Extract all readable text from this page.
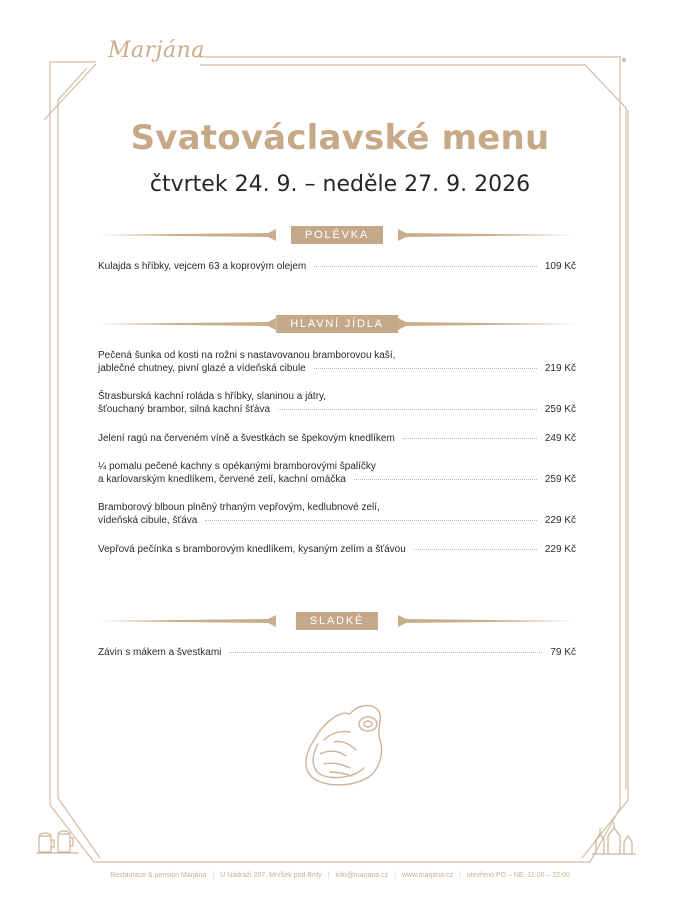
Marjána
Svatováclavské menu
čtvrtek 24. 9. – neděle 27. 9. 2026
POLÉVKA
Kulajda s hříbky, vejcem 63 a koprovým olejem	109 Kč
HLAVNÍ JÍDLA
Pečená šunka od kosti na rožni s nastavovanou bramborovou kaší,
jablečné chutney, pivní glazé a vídeňská cibule	219 Kč
Štrasburská kachní roláda s hříbky, slaninou a játry,
šťouchaný brambor, silná kachní šťáva	259 Kč
Jelení ragú na červeném víně a švestkách se špekovým knedlíkem	249 Kč
¼ pomalu pečené kachny s opékanými bramborovými špalíčky
a karlovarským knedlíkem, červené zelí, kachní omáčka	259 Kč
Bramborový blboun plněný trhaným vepřovým, kedlubnové zelí,
vídeňská cibule, šťáva	229 Kč
Vepřová pečínka s bramborovým knedlíkem, kysaným zelím a šťávou	229 Kč
SLADKÉ
Závin s mákem a švestkami	79 Kč
Restaurace & pension Marjána | U Nádraží 207, Mníšek pod Brdy | info@marjana.cz | www.marjana.cz | otevřeno PO – NE, 11:00 – 22:00
